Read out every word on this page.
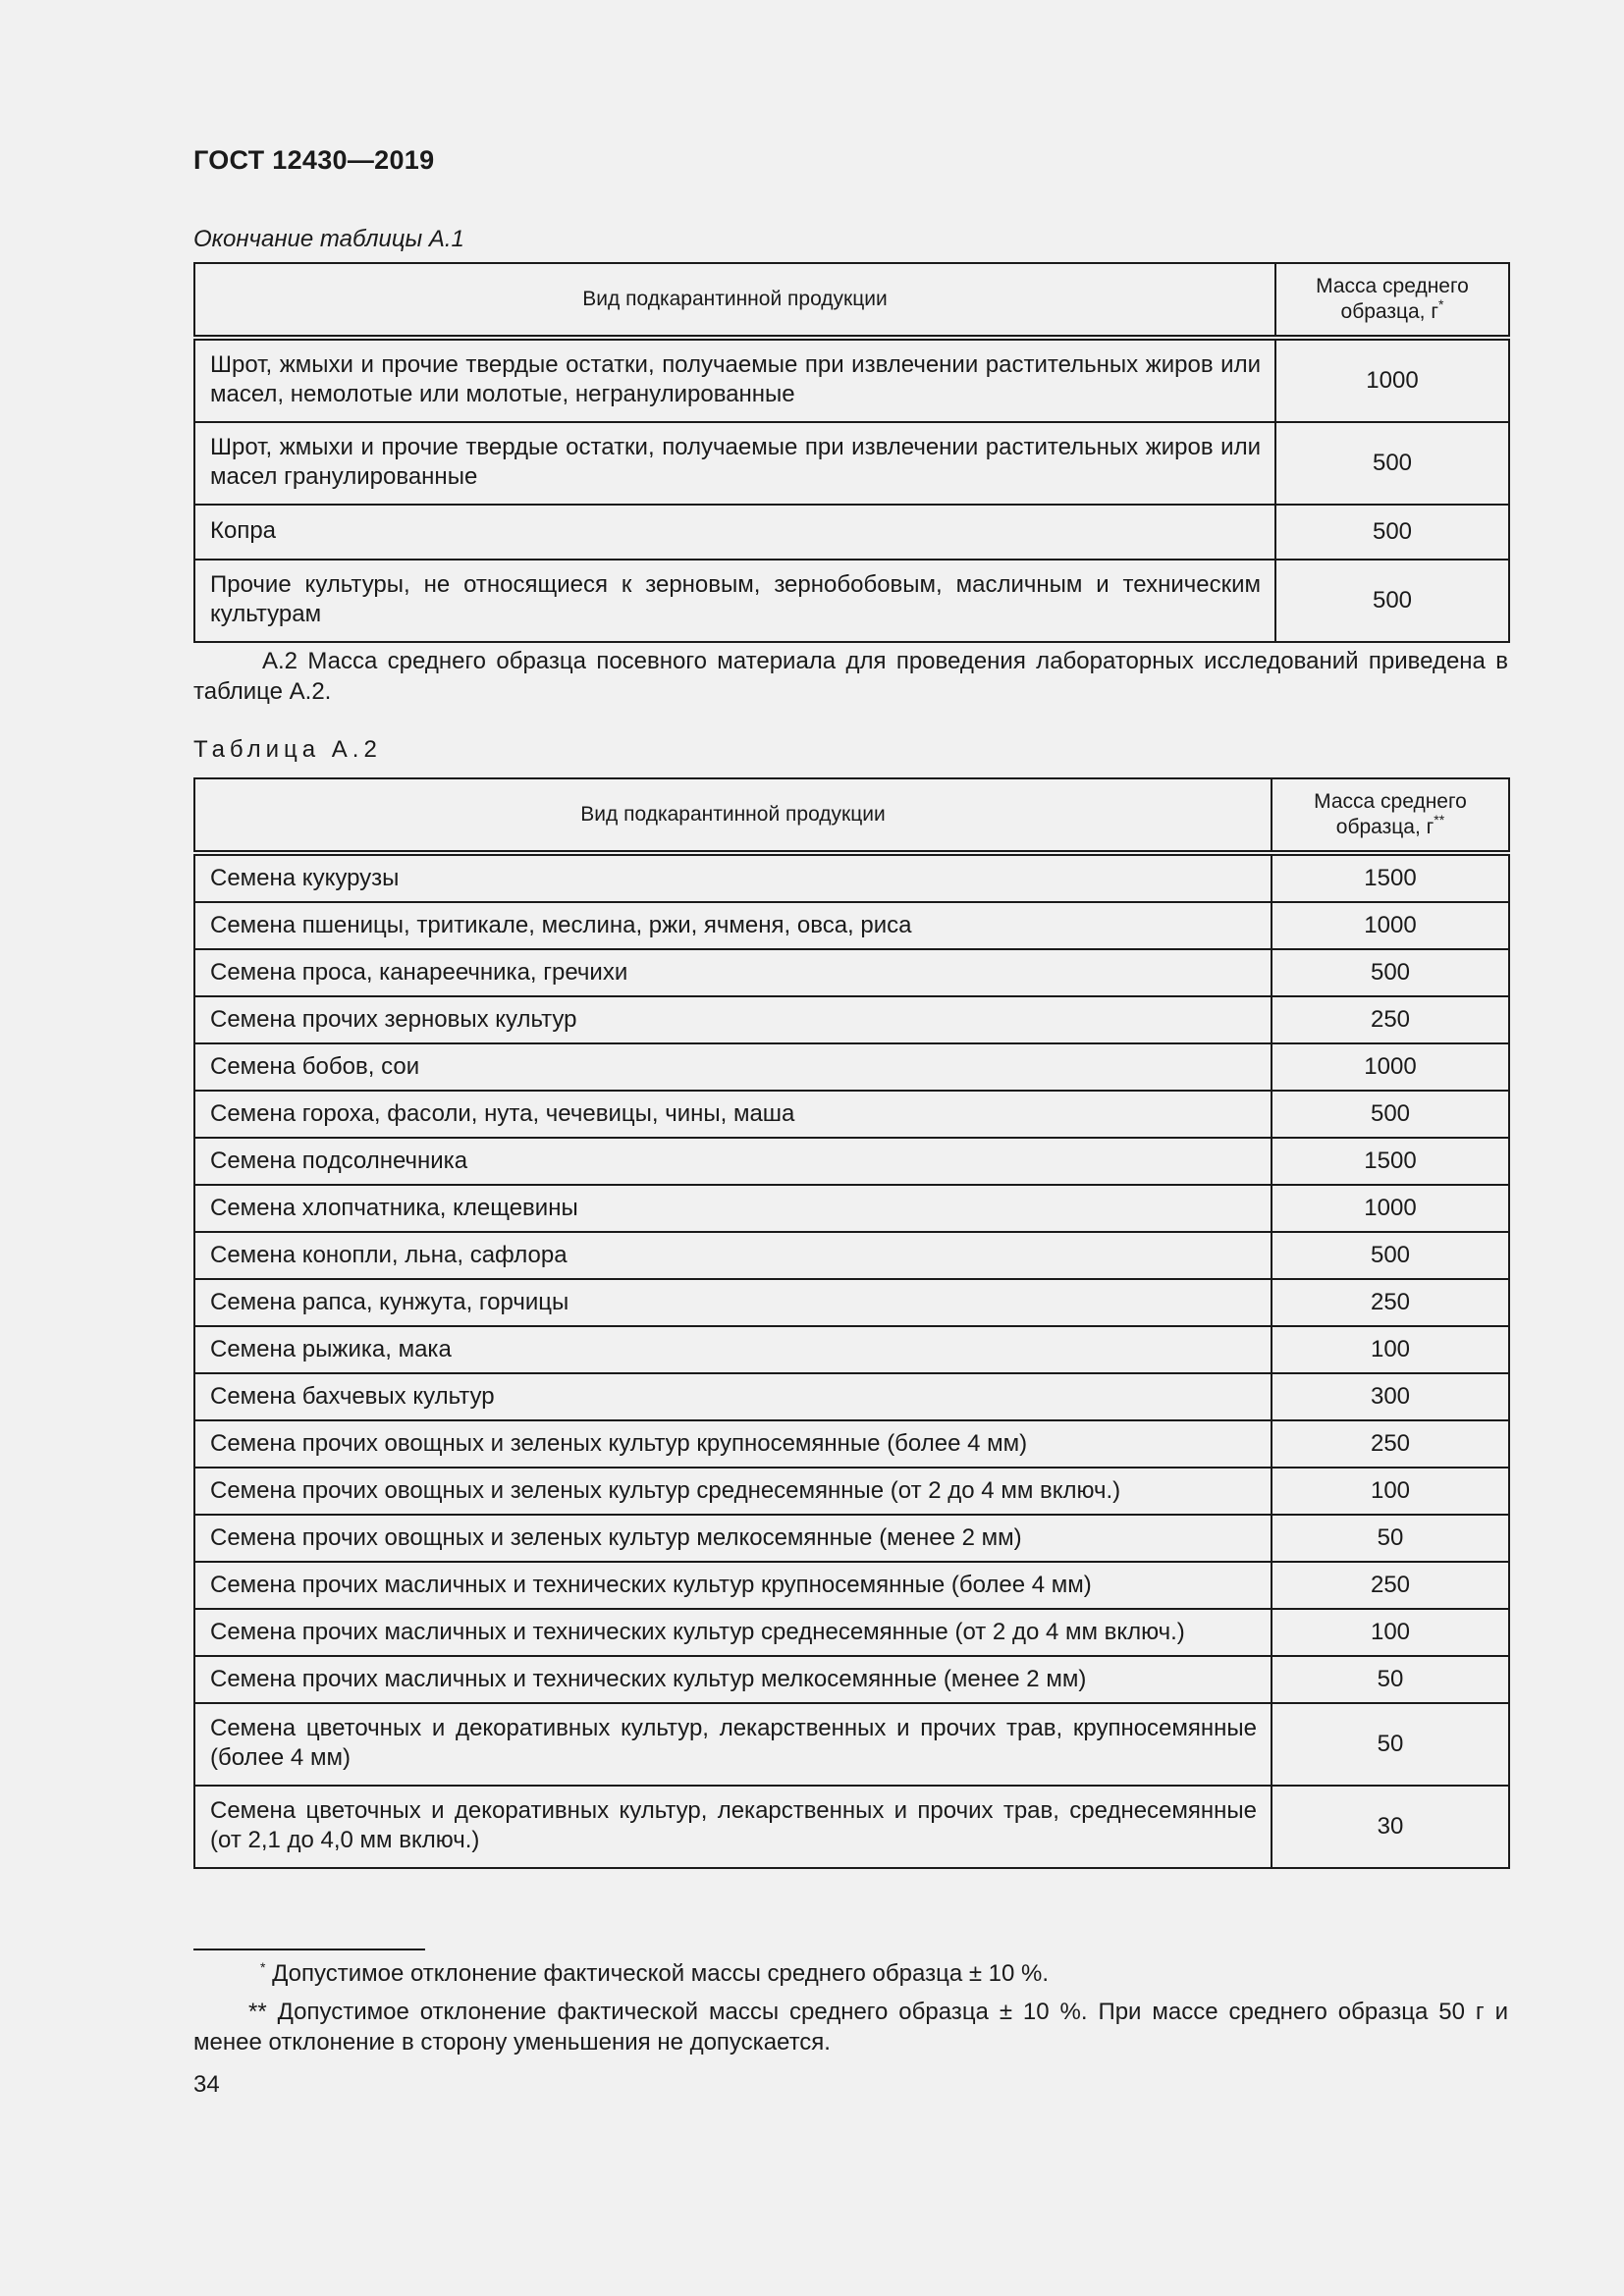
ГОСТ 12430—2019
Окончание таблицы А.1
Вид подкарантинной продукции	Масса среднего образца, г*
Шрот, жмыхи и прочие твердые остатки, получаемые при извлечении растительных жиров или масел, немолотые или молотые, негранулированные	1000
Шрот, жмыхи и прочие твердые остатки, получаемые при извлечении растительных жиров или масел гранулированные	500
Копра	500
Прочие культуры, не относящиеся к зерновым, зернобобовым, масличным и техническим культурам	500
А.2 Масса среднего образца посевного материала для проведения лабораторных исследований приведена в таблице А.2.
Таблица А.2
Вид подкарантинной продукции	Масса среднего образца, г**
Семена кукурузы	1500
Семена пшеницы, тритикале, меслина, ржи, ячменя, овса, риса	1000
Семена проса, канареечника, гречихи	500
Семена прочих зерновых культур	250
Семена бобов, сои	1000
Семена гороха, фасоли, нута, чечевицы, чины, маша	500
Семена подсолнечника	1500
Семена хлопчатника, клещевины	1000
Семена конопли, льна, сафлора	500
Семена рапса, кунжута, горчицы	250
Семена рыжика, мака	100
Семена бахчевых культур	300
Семена прочих овощных и зеленых культур крупносемянные (более 4 мм)	250
Семена прочих овощных и зеленых культур среднесемянные (от 2 до 4 мм включ.)	100
Семена прочих овощных и зеленых культур мелкосемянные (менее 2 мм)	50
Семена прочих масличных и технических культур крупносемянные (более 4 мм)	250
Семена прочих масличных и технических культур среднесемянные (от 2 до 4 мм включ.)	100
Семена прочих масличных и технических культур мелкосемянные (менее 2 мм)	50
Семена цветочных и декоративных культур, лекарственных и прочих трав, крупносемянные (более 4 мм)	50
Семена цветочных и декоративных культур, лекарственных и прочих трав, среднесемянные (от 2,1 до 4,0 мм включ.)	30
* Допустимое отклонение фактической массы среднего образца ± 10 %.
** Допустимое отклонение фактической массы среднего образца ± 10 %. При массе среднего образца 50 г и менее отклонение в сторону уменьшения не допускается.
34
